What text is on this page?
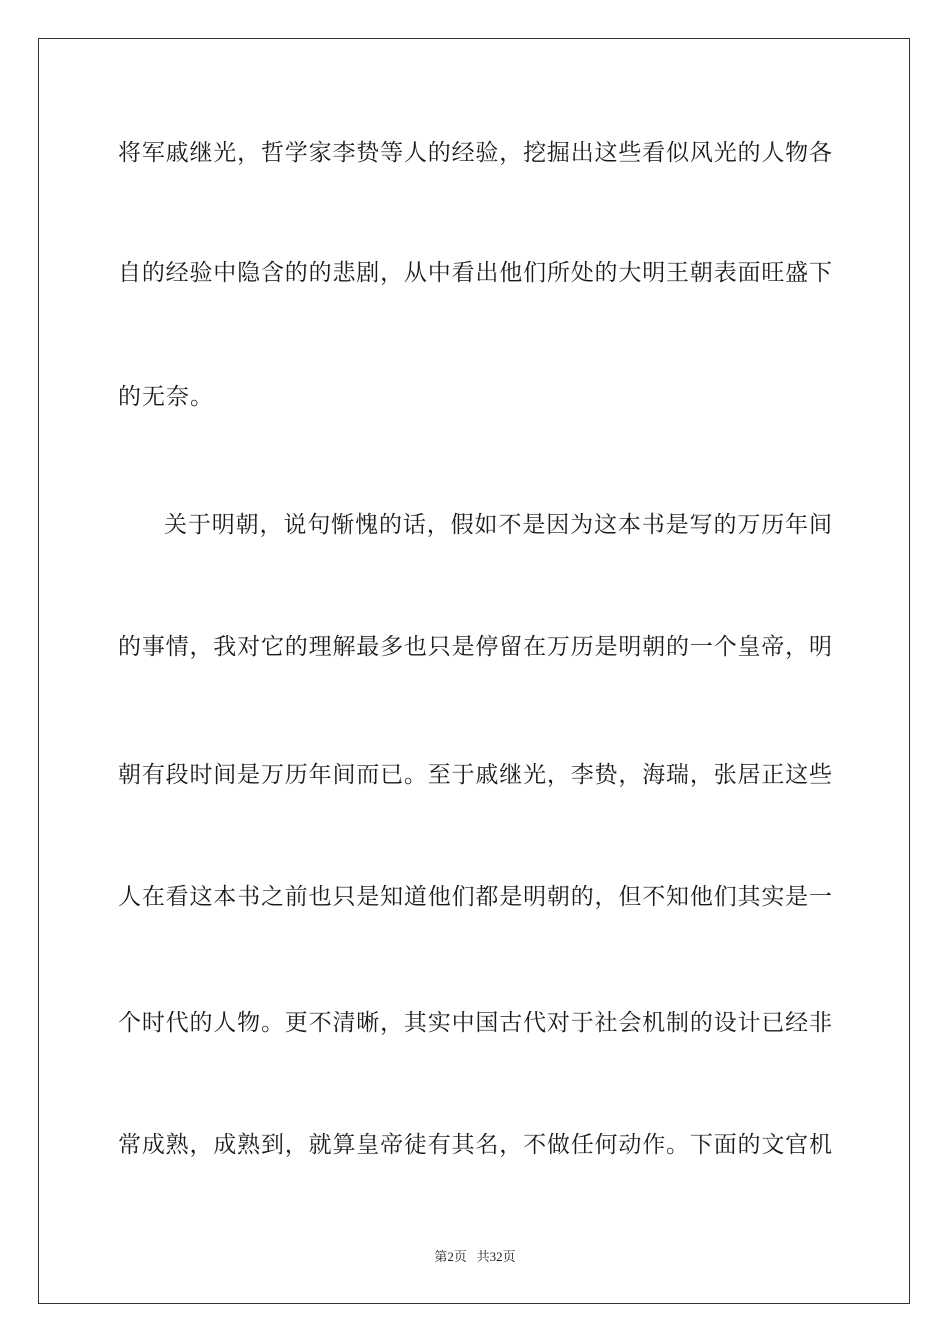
将军戚继光，哲学家李贽等人的经验，挖掘出这些看似风光的人物各
自的经验中隐含的的悲剧，从中看出他们所处的大明王朝表面旺盛下
的无奈。
关于明朝，说句惭愧的话，假如不是因为这本书是写的万历年间
的事情，我对它的理解最多也只是停留在万历是明朝的一个皇帝，明
朝有段时间是万历年间而已。至于戚继光，李贽，海瑞，张居正这些
人在看这本书之前也只是知道他们都是明朝的，但不知他们其实是一
个时代的人物。更不清晰，其实中国古代对于社会机制的设计已经非
常成熟，成熟到，就算皇帝徒有其名，不做任何动作。下面的文官机
第2页 共32页
